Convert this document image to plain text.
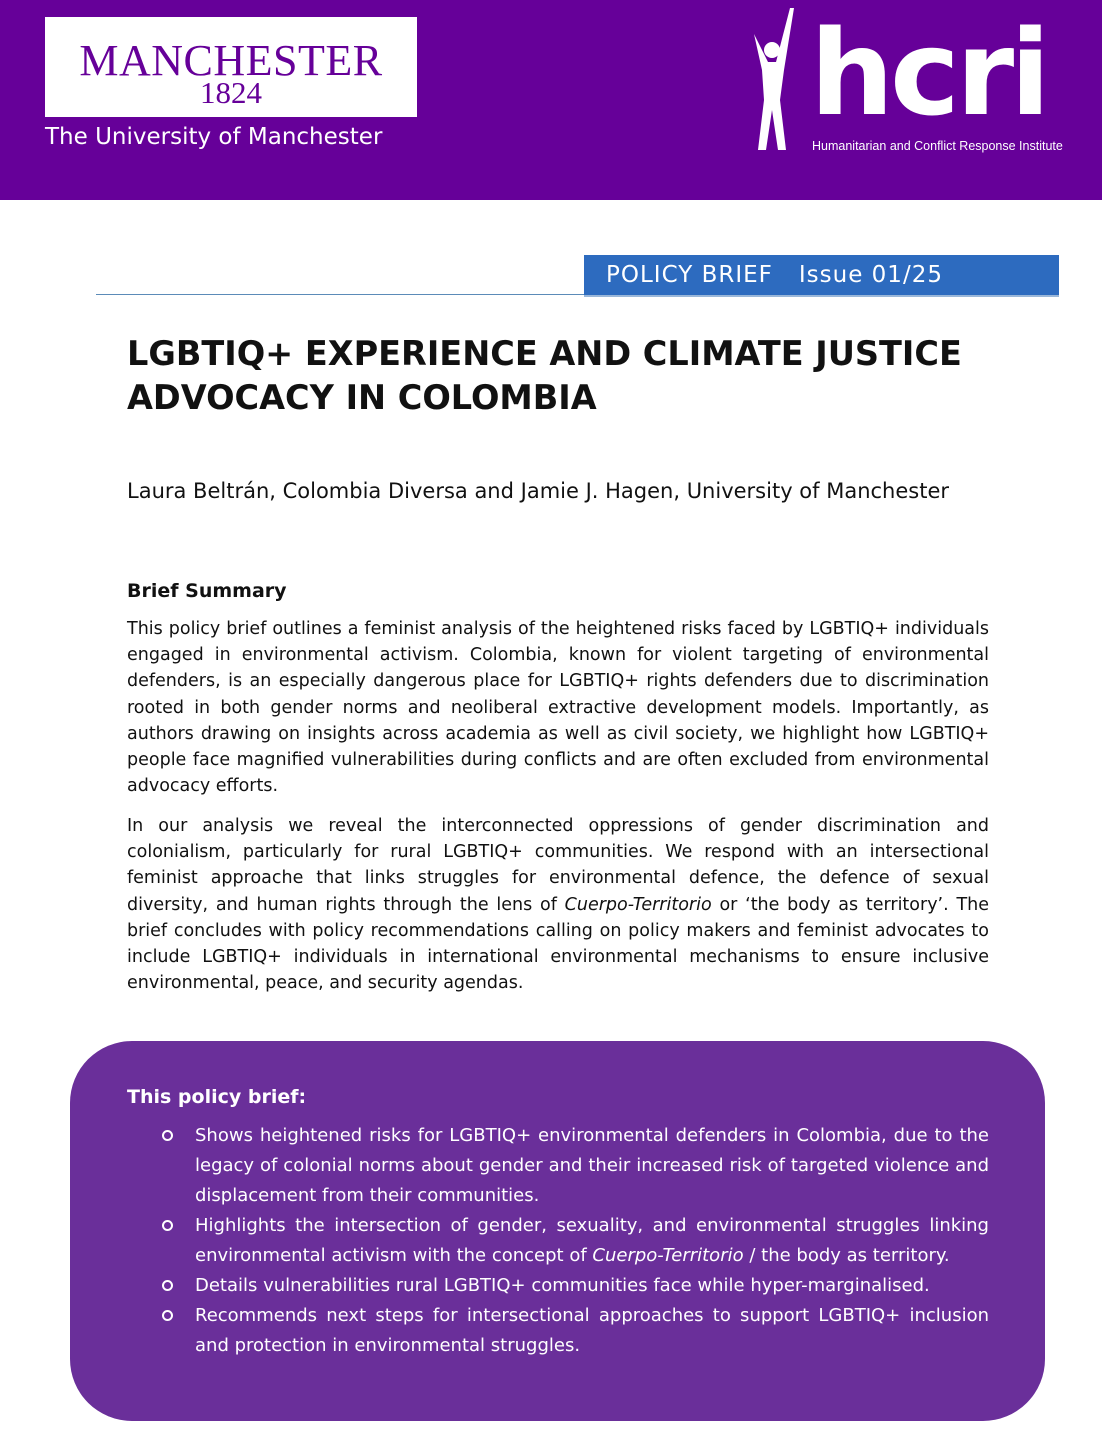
MANCHESTER
1824
The University of Manchester	hcri
Humanitarian and Conflict Response Institute
POLICY BRIEF Issue 01/25
LGBTIQ+ EXPERIENCE AND CLIMATE JUSTICE
ADVOCACY IN COLOMBIA
Laura Beltrán, Colombia Diversa and Jamie J. Hagen, University of Manchester
Brief Summary

This policy brief outlines a feminist analysis of the heightened risks faced by LGBTIQ+ individuals engaged in environmental activism. Colombia, known for violent targeting of environmental defenders, is an especially dangerous place for LGBTIQ+ rights defenders due to discrimination rooted in both gender norms and neoliberal extractive development models. Importantly, as authors drawing on insights across academia as well as civil society, we highlight how LGBTIQ+ people face magnified vulnerabilities during conflicts and are often excluded from environmental advocacy efforts.

In our analysis we reveal the interconnected oppressions of gender discrimination and colonialism, particularly for rural LGBTIQ+ communities. We respond with an intersectional feminist approache that links struggles for environmental defence, the defence of sexual diversity, and human rights through the lens of Cuerpo-Territorio or ‘the body as territory’. The brief concludes with policy recommendations calling on policy makers and feminist advocates to include LGBTIQ+ individuals in international environmental mechanisms to ensure inclusive environmental, peace, and security agendas.

This policy brief:
Shows heightened risks for LGBTIQ+ environmental defenders in Colombia, due to the legacy of colonial norms about gender and their increased risk of targeted violence and displacement from their communities.
Highlights the intersection of gender, sexuality, and environmental struggles linking environmental activism with the concept of Cuerpo-Territorio / the body as territory.
Details vulnerabilities rural LGBTIQ+ communities face while hyper-marginalised.
Recommends next steps for intersectional approaches to support LGBTIQ+ inclusion and protection in environmental struggles.
